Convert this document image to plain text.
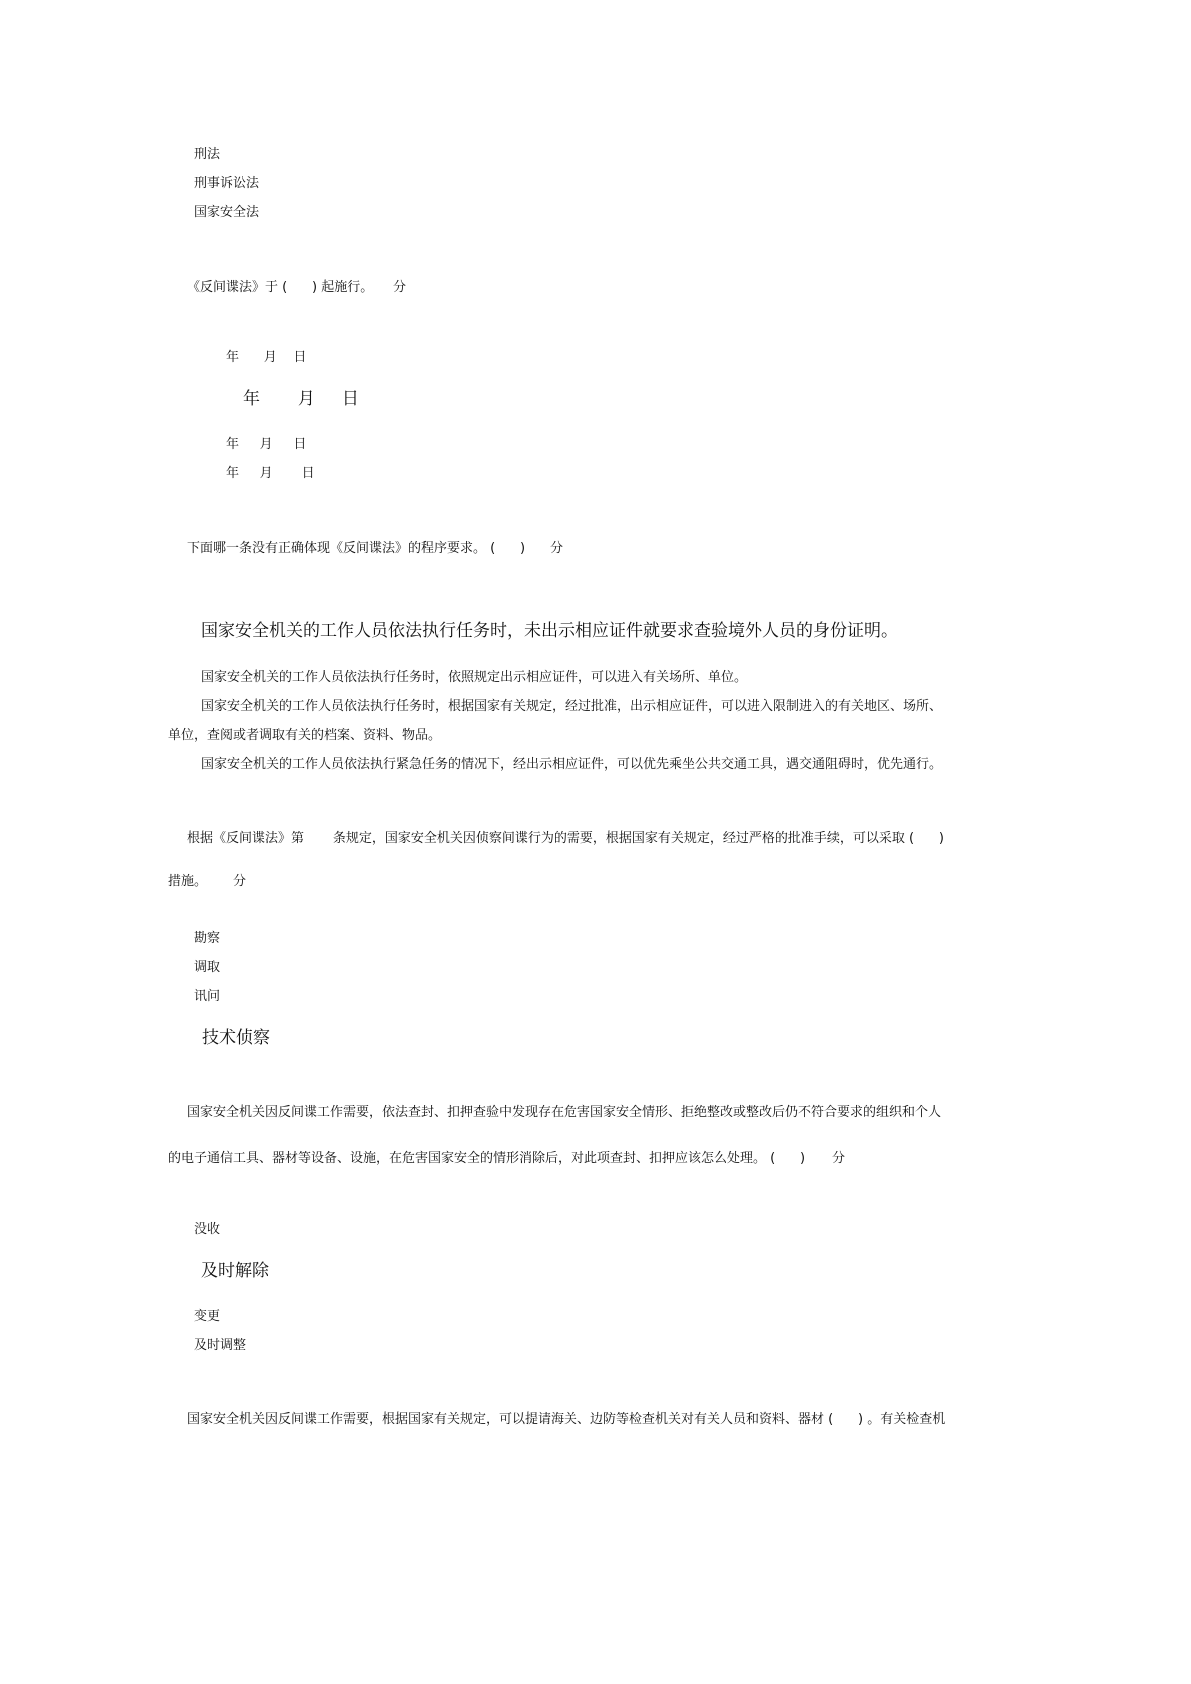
刑法
刑事诉讼法
国家安全法
《反间谍法》于 (      ) 起施行。 分
年      月    日
年       月     日
年     月     日
年     月       日
下面哪一条没有正确体现《反间谍法》的程序要求。 (      ) 分
国家安全机关的工作人员依法执行任务时，未出示相应证件就要求查验境外人员的身份证明。
国家安全机关的工作人员依法执行任务时，依照规定出示相应证件，可以进入有关场所、单位。
国家安全机关的工作人员依法执行任务时，根据国家有关规定，经过批准，出示相应证件，可以进入限制进入的有关地区、场所、
单位，查阅或者调取有关的档案、资料、物品。
国家安全机关的工作人员依法执行紧急任务的情况下，经出示相应证件，可以优先乘坐公共交通工具，遇交通阻碍时，优先通行。
根据《反间谍法》第       条规定，国家安全机关因侦察间谍行为的需要，根据国家有关规定，经过严格的批准手续，可以采取 (      )
措施。 分
勘察
调取
讯问
技术侦察
国家安全机关因反间谍工作需要，依法查封、扣押查验中发现存在危害国家安全情形、拒绝整改或整改后仍不符合要求的组织和个人
的电子通信工具、器材等设备、设施，在危害国家安全的情形消除后，对此项查封、扣押应该怎么处理。 (      ) 分
没收
及时解除
变更
及时调整
国家安全机关因反间谍工作需要，根据国家有关规定，可以提请海关、边防等检查机关对有关人员和资料、器材 (      ) 。有关检查机
